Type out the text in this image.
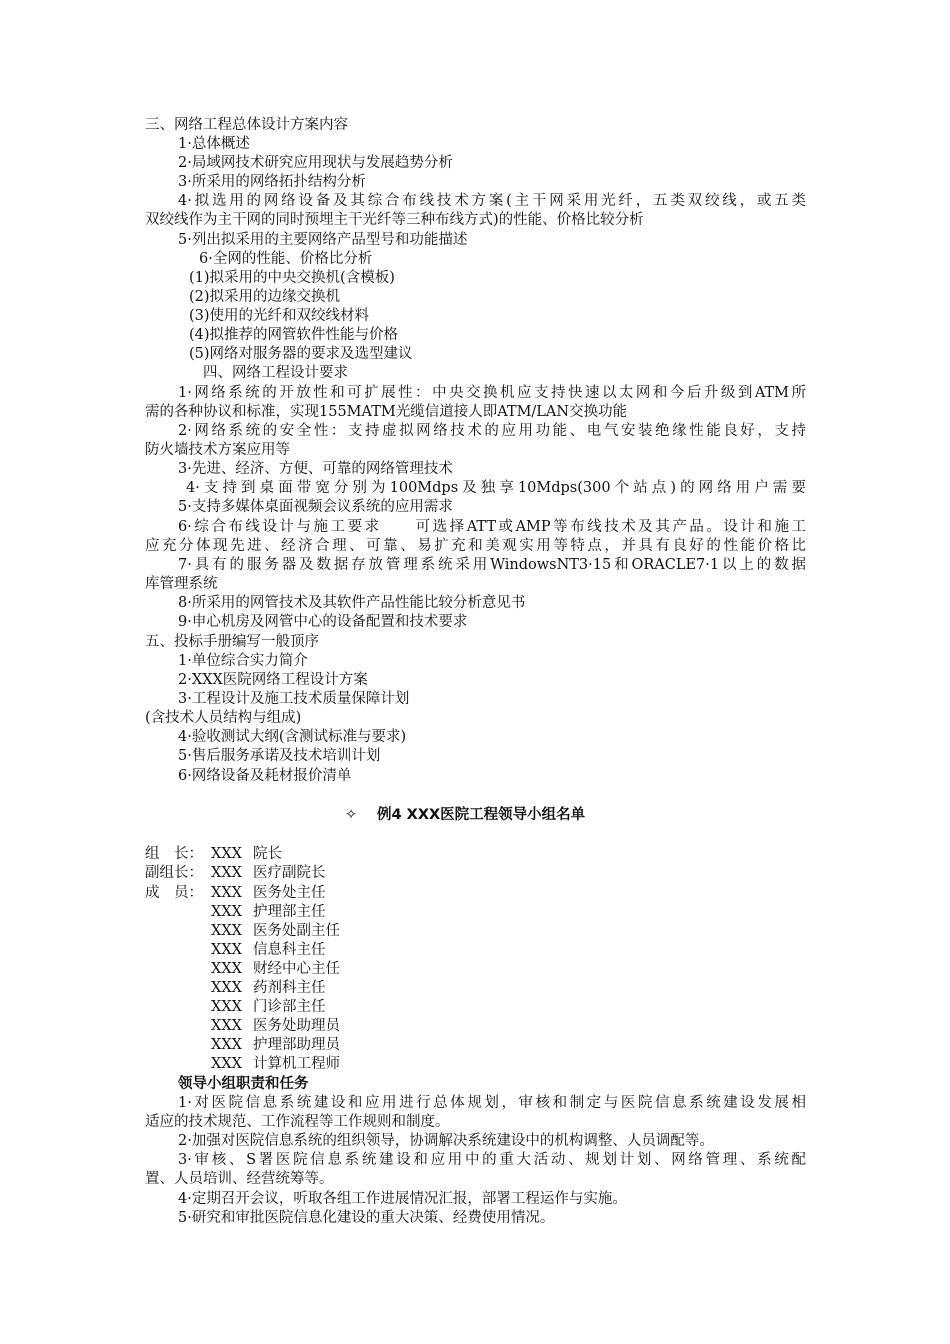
三、网络工程总体设计方案内容
1·总体概述
2·局域网技术研究应用现状与发展趋势分析
3·所采用的网络拓扑结构分析
4·拟选用的网络设备及其综合布线技术方案(主干网采用光纤，五类双绞线，或五类
双绞线作为主干网的同时预埋主干光纤等三种布线方式)的性能、价格比较分析
5·列出拟采用的主要网络产品型号和功能描述
6·全网的性能、价格比分析
(1)拟采用的中央交换机(含模板)
(2)拟采用的边缘交换机
(3)使用的光纤和双绞线材料
(4)拟推荐的网管软件性能与价格
(5)网络对服务器的要求及选型建议
四、网络工程设计要求
1·网络系统的开放性和可扩展性：中央交换机应支持快速以太网和今后升级到ATM所
需的各种协议和标准，实现155MATM光缆信道接人即ATM/LAN交换功能
2·网络系统的安全性：支持虚拟网络技术的应用功能、电气安装绝缘性能良好，支持
防火墙技术方案应用等
3·先进、经济、方便、可靠的网络管理技术
4·支持到桌面带宽分别为100Mdps及独享10Mdps(300个站点)的网络用户需要
5·支持多媒体桌面视频会议系统的应用需求
6·综合布线设计与施工要求　　可选择ATT或AMP等布线技术及其产品。设计和施工
应充分体现先进、经济合理、可靠、易扩充和美观实用等特点，并具有良好的性能价格比
7·具有的服务器及数据存放管理系统采用WindowsNT3·15和ORACLE7·1以上的数据
库管理系统
8·所采用的网管技术及其软件产品性能比较分析意见书
9·申心机房及网管中心的设备配置和技术要求
五、投标手册编写一般顶序
1·单位综合实力简介
2·XXX医院网络工程设计方案
3·工程设计及施工技术质量保障计划
(含技术人员结构与组成)
4·验收测试大纲(含测试标准与要求)
5·售后服务承诺及技术培训计划
6·网络设备及耗材报价清单
✧ 例4 XXX医院工程领导小组名单
组　长：
副组长：
成　员：
XXX 院长
XXX 医疗副院长
XXX 医务处主任
XXX 护理部主任
XXX 医务处副主任
XXX 信息科主任
XXX 财经中心主任
XXX 药剂科主任
XXX 门诊部主任
XXX 医务处助理员
XXX 护理部助理员
XXX 计算机工程师
领导小组职责和任务
1·对医院信息系统建设和应用进行总体规划，审核和制定与医院信息系统建设发展相
适应的技术规范、工作流程等工作规则和制度。
2·加强对医院信息系统的组织领导，协调解决系统建设中的机构调整、人员调配等。
3·审核、S署医院信息系统建设和应用中的重大活动、规划计划、网络管理、系统配
置、人员培训、经营统筹等。
4·定期召开会议，听取各组工作进展情况汇报，部署工程运作与实施。
5·研究和审批医院信息化建设的重大决策、经费使用情况。
